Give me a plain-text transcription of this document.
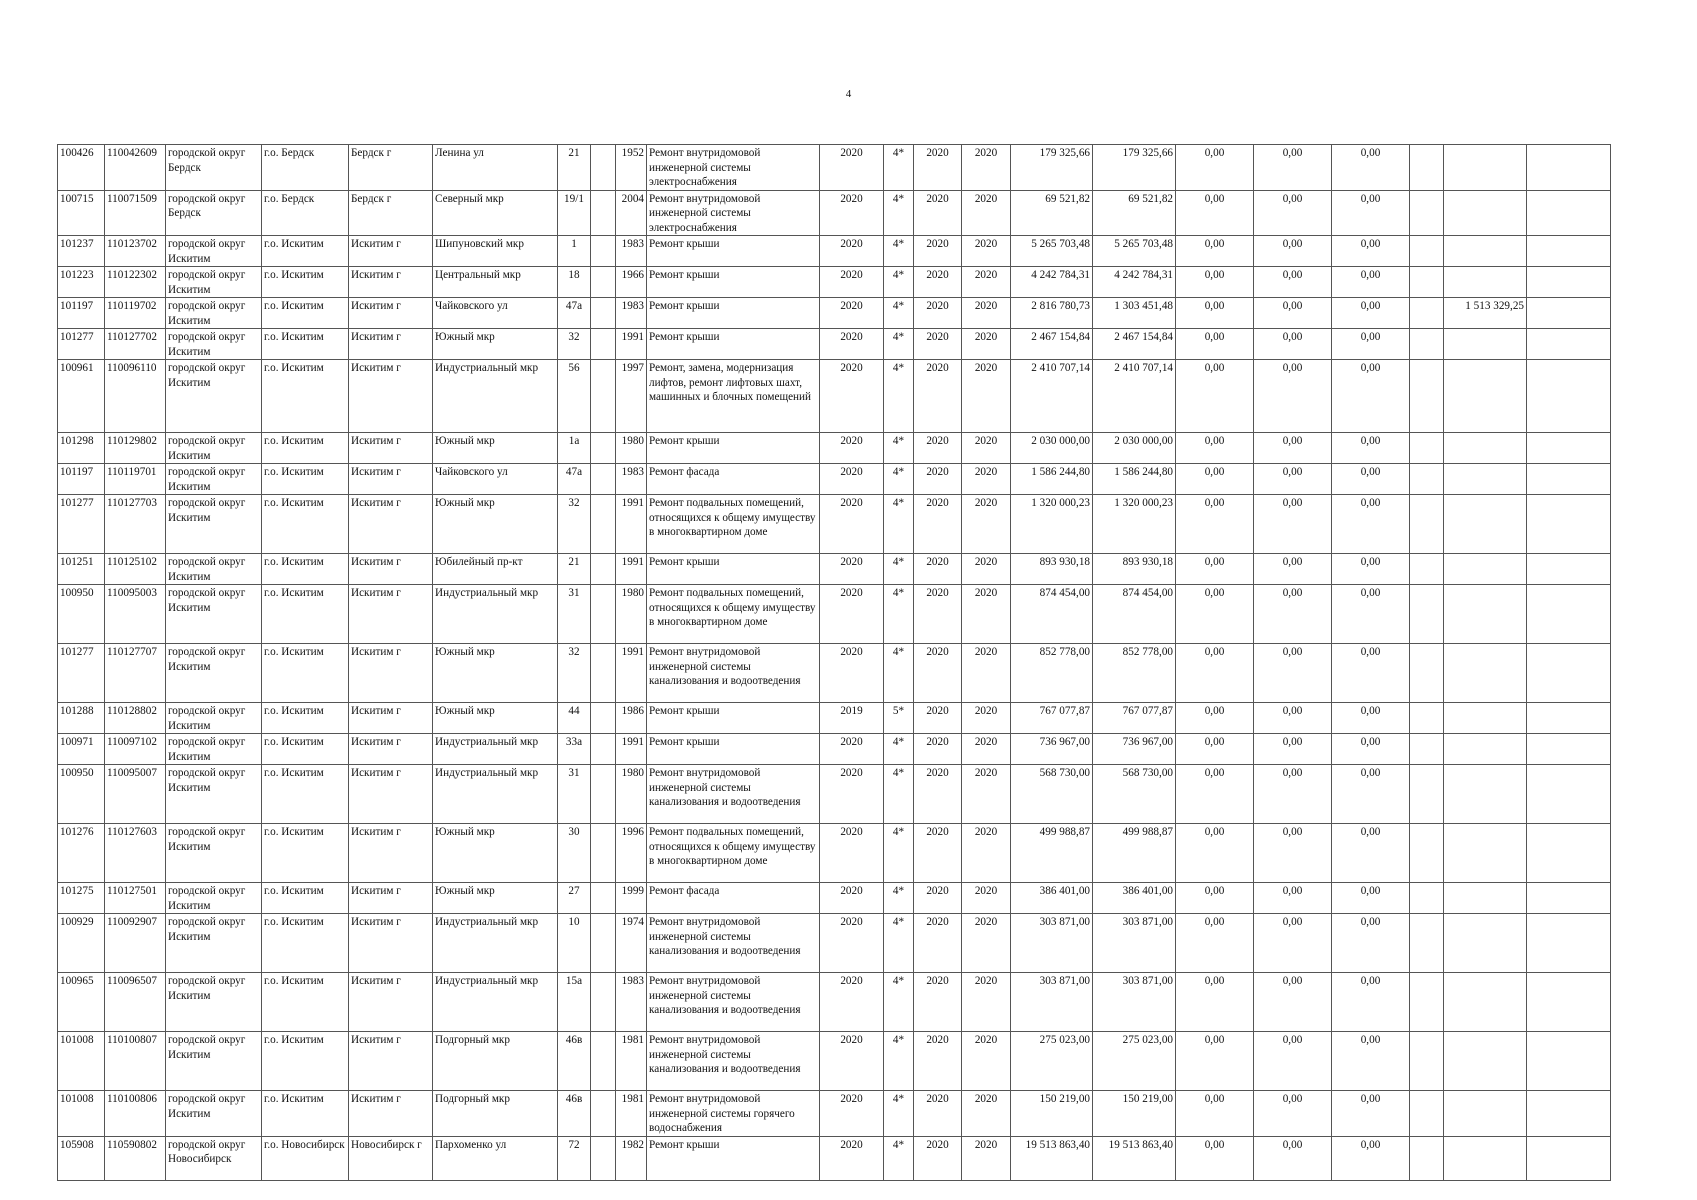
4
100426	110042609	городской округ Бердск	г.о. Бердск	Бердск г	Ленина ул	21		1952	Ремонт внутридомовой инженерной системы электроснабжения	2020	4*	2020	2020	179 325,66	179 325,66	0,00	0,00	0,00			
100715	110071509	городской округ Бердск	г.о. Бердск	Бердск г	Северный мкр	19/1		2004	Ремонт внутридомовой инженерной системы электроснабжения	2020	4*	2020	2020	69 521,82	69 521,82	0,00	0,00	0,00			
101237	110123702	городской округ Искитим	г.о. Искитим	Искитим г	Шипуновский мкр	1		1983	Ремонт крыши	2020	4*	2020	2020	5 265 703,48	5 265 703,48	0,00	0,00	0,00			
101223	110122302	городской округ Искитим	г.о. Искитим	Искитим г	Центральный мкр	18		1966	Ремонт крыши	2020	4*	2020	2020	4 242 784,31	4 242 784,31	0,00	0,00	0,00			
101197	110119702	городской округ Искитим	г.о. Искитим	Искитим г	Чайковского ул	47а		1983	Ремонт крыши	2020	4*	2020	2020	2 816 780,73	1 303 451,48	0,00	0,00	0,00		1 513 329,25	
101277	110127702	городской округ Искитим	г.о. Искитим	Искитим г	Южный мкр	32		1991	Ремонт крыши	2020	4*	2020	2020	2 467 154,84	2 467 154,84	0,00	0,00	0,00			
100961	110096110	городской округ Искитим	г.о. Искитим	Искитим г	Индустриальный мкр	56		1997	Ремонт, замена, модернизация лифтов, ремонт лифтовых шахт, машинных и блочных помещений	2020	4*	2020	2020	2 410 707,14	2 410 707,14	0,00	0,00	0,00			
101298	110129802	городской округ Искитим	г.о. Искитим	Искитим г	Южный мкр	1а		1980	Ремонт крыши	2020	4*	2020	2020	2 030 000,00	2 030 000,00	0,00	0,00	0,00			
101197	110119701	городской округ Искитим	г.о. Искитим	Искитим г	Чайковского ул	47а		1983	Ремонт фасада	2020	4*	2020	2020	1 586 244,80	1 586 244,80	0,00	0,00	0,00			
101277	110127703	городской округ Искитим	г.о. Искитим	Искитим г	Южный мкр	32		1991	Ремонт подвальных помещений, относящихся к общему имуществу в многоквартирном доме	2020	4*	2020	2020	1 320 000,23	1 320 000,23	0,00	0,00	0,00			
101251	110125102	городской округ Искитим	г.о. Искитим	Искитим г	Юбилейный пр-кт	21		1991	Ремонт крыши	2020	4*	2020	2020	893 930,18	893 930,18	0,00	0,00	0,00			
100950	110095003	городской округ Искитим	г.о. Искитим	Искитим г	Индустриальный мкр	31		1980	Ремонт подвальных помещений, относящихся к общему имуществу в многоквартирном доме	2020	4*	2020	2020	874 454,00	874 454,00	0,00	0,00	0,00			
101277	110127707	городской округ Искитим	г.о. Искитим	Искитим г	Южный мкр	32		1991	Ремонт внутридомовой инженерной системы канализования и водоотведения	2020	4*	2020	2020	852 778,00	852 778,00	0,00	0,00	0,00			
101288	110128802	городской округ Искитим	г.о. Искитим	Искитим г	Южный мкр	44		1986	Ремонт крыши	2019	5*	2020	2020	767 077,87	767 077,87	0,00	0,00	0,00			
100971	110097102	городской округ Искитим	г.о. Искитим	Искитим г	Индустриальный мкр	33а		1991	Ремонт крыши	2020	4*	2020	2020	736 967,00	736 967,00	0,00	0,00	0,00			
100950	110095007	городской округ Искитим	г.о. Искитим	Искитим г	Индустриальный мкр	31		1980	Ремонт внутридомовой инженерной системы канализования и водоотведения	2020	4*	2020	2020	568 730,00	568 730,00	0,00	0,00	0,00			
101276	110127603	городской округ Искитим	г.о. Искитим	Искитим г	Южный мкр	30		1996	Ремонт подвальных помещений, относящихся к общему имуществу в многоквартирном доме	2020	4*	2020	2020	499 988,87	499 988,87	0,00	0,00	0,00			
101275	110127501	городской округ Искитим	г.о. Искитим	Искитим г	Южный мкр	27		1999	Ремонт фасада	2020	4*	2020	2020	386 401,00	386 401,00	0,00	0,00	0,00			
100929	110092907	городской округ Искитим	г.о. Искитим	Искитим г	Индустриальный мкр	10		1974	Ремонт внутридомовой инженерной системы канализования и водоотведения	2020	4*	2020	2020	303 871,00	303 871,00	0,00	0,00	0,00			
100965	110096507	городской округ Искитим	г.о. Искитим	Искитим г	Индустриальный мкр	15а		1983	Ремонт внутридомовой инженерной системы канализования и водоотведения	2020	4*	2020	2020	303 871,00	303 871,00	0,00	0,00	0,00			
101008	110100807	городской округ Искитим	г.о. Искитим	Искитим г	Подгорный мкр	46в		1981	Ремонт внутридомовой инженерной системы канализования и водоотведения	2020	4*	2020	2020	275 023,00	275 023,00	0,00	0,00	0,00			
101008	110100806	городской округ Искитим	г.о. Искитим	Искитим г	Подгорный мкр	46в		1981	Ремонт внутридомовой инженерной системы горячего водоснабжения	2020	4*	2020	2020	150 219,00	150 219,00	0,00	0,00	0,00			
105908	110590802	городской округ Новосибирск	г.о. Новосибирск	Новосибирск г	Пархоменко ул	72		1982	Ремонт крыши	2020	4*	2020	2020	19 513 863,40	19 513 863,40	0,00	0,00	0,00			
